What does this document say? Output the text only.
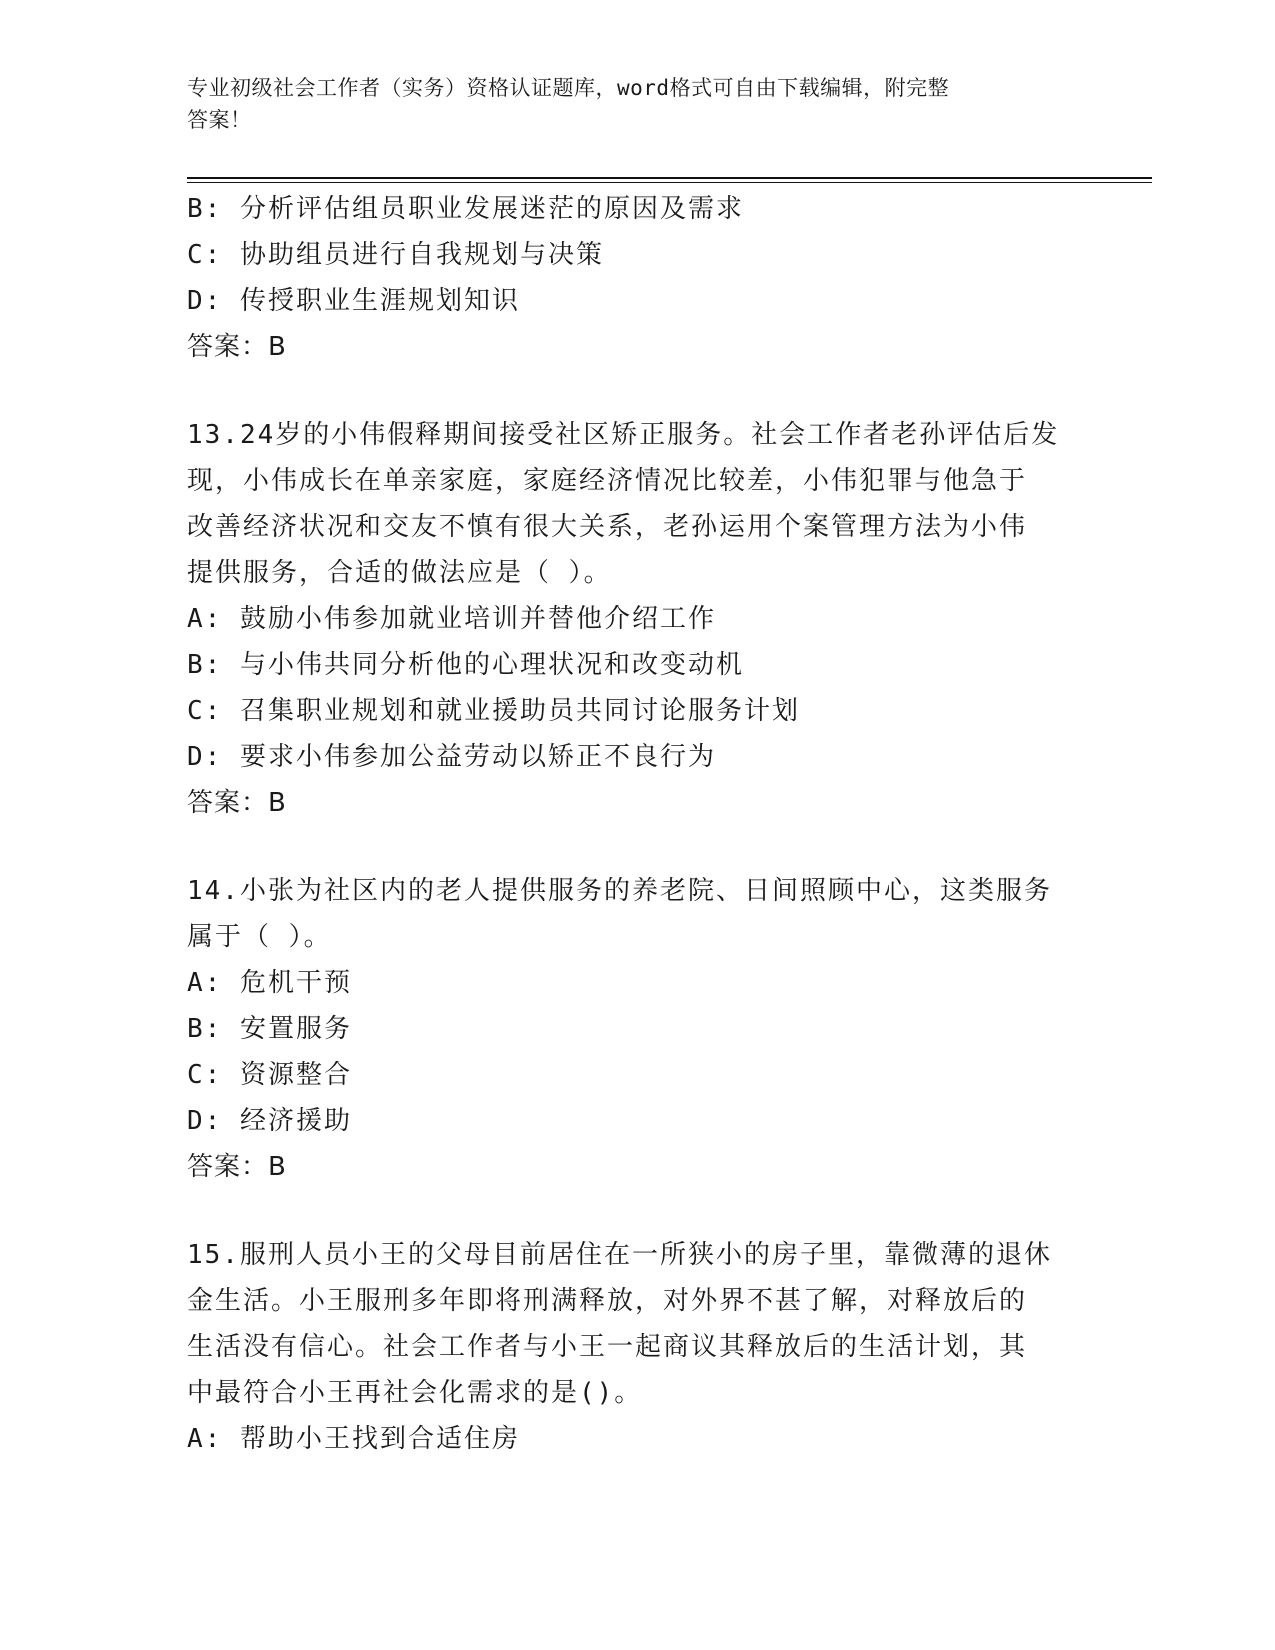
专业初级社会工作者（实务）资格认证题库，word格式可自由下载编辑，附完整
答案！
B: 分析评估组员职业发展迷茫的原因及需求
C: 协助组员进行自我规划与决策
D: 传授职业生涯规划知识
答案：B
13.24岁的小伟假释期间接受社区矫正服务。社会工作者老孙评估后发
现，小伟成长在单亲家庭，家庭经济情况比较差，小伟犯罪与他急于
改善经济状况和交友不慎有很大关系，老孙运用个案管理方法为小伟
提供服务，合适的做法应是（ ）。
A: 鼓励小伟参加就业培训并替他介绍工作
B: 与小伟共同分析他的心理状况和改变动机
C: 召集职业规划和就业援助员共同讨论服务计划
D: 要求小伟参加公益劳动以矫正不良行为
答案：B
14.小张为社区内的老人提供服务的养老院、日间照顾中心，这类服务
属于（ ）。
A: 危机干预
B: 安置服务
C: 资源整合
D: 经济援助
答案：B
15.服刑人员小王的父母目前居住在一所狭小的房子里，靠微薄的退休
金生活。小王服刑多年即将刑满释放，对外界不甚了解，对释放后的
生活没有信心。社会工作者与小王一起商议其释放后的生活计划，其
中最符合小王再社会化需求的是()。
A: 帮助小王找到合适住房
